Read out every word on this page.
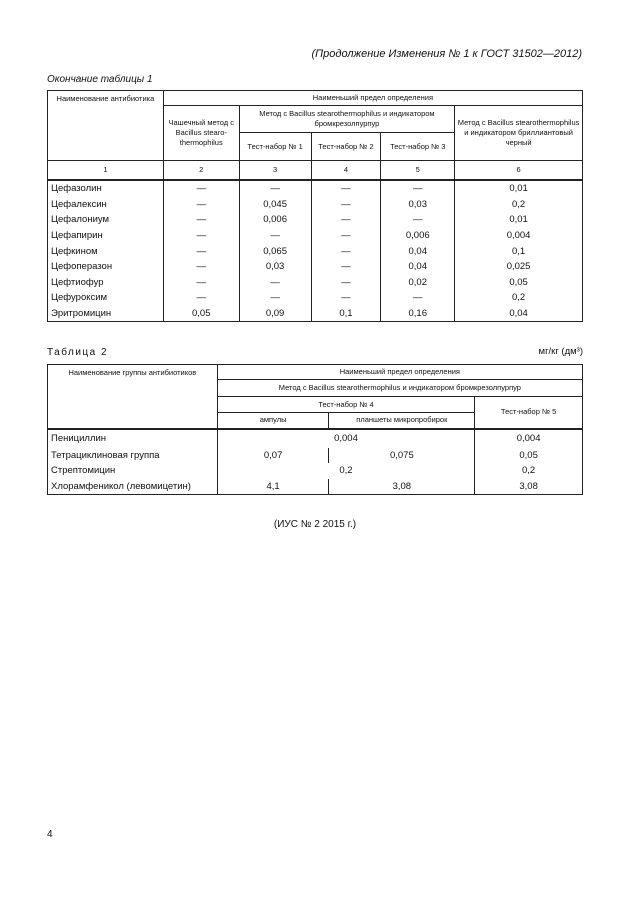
(Продолжение Изменения № 1 к ГОСТ 31502—2012)
Окончание таблицы 1
Наименование антибиотика	Наименьший предел определения				
	Чашечный метод с Bacillus stearo-thermophilus	Метод с Bacillus stearothermophilus и индикатором бромкрезолпурпур			Метод с Bacillus stearothermophilus и индикатором бриллиантовый черный
		Тест-набор № 1	Тест-набор № 2	Тест-набор № 3	
1	2	3	4	5	6
Цефазолин	—	—	—	—	0,01
Цефалексин	—	0,045	—	0,03	0,2
Цефалониум	—	0,006	—	—	0,01
Цефапирин	—	—	—	0,006	0,004
Цефкином	—	0,065	—	0,04	0,1
Цефоперазон	—	0,03	—	0,04	0,025
Цефтиофур	—	—	—	0,02	0,05
Цефуроксим	—	—	—	—	0,2
Эритромицин	0,05	0,09	0,1	0,16	0,04
Таблица 2	мг/кг (дм³)
Наименование группы антибиотиков	Наименьший предел определения		
	Метод с Bacillus stearothermophilus и индикатором бромкрезолпурпур		
	Тест-набор № 4		Тест-набор № 5
	ампулы	планшеты микропробирок	
Пенициллин	0,004		0,004
Тетрациклиновая группа	0,07	0,075	0,05
Стрептомицин	0,2		0,2
Хлорамфеникол (левомицетин)	4,1	3,08	3,08
(ИУС № 2 2015 г.)
4
